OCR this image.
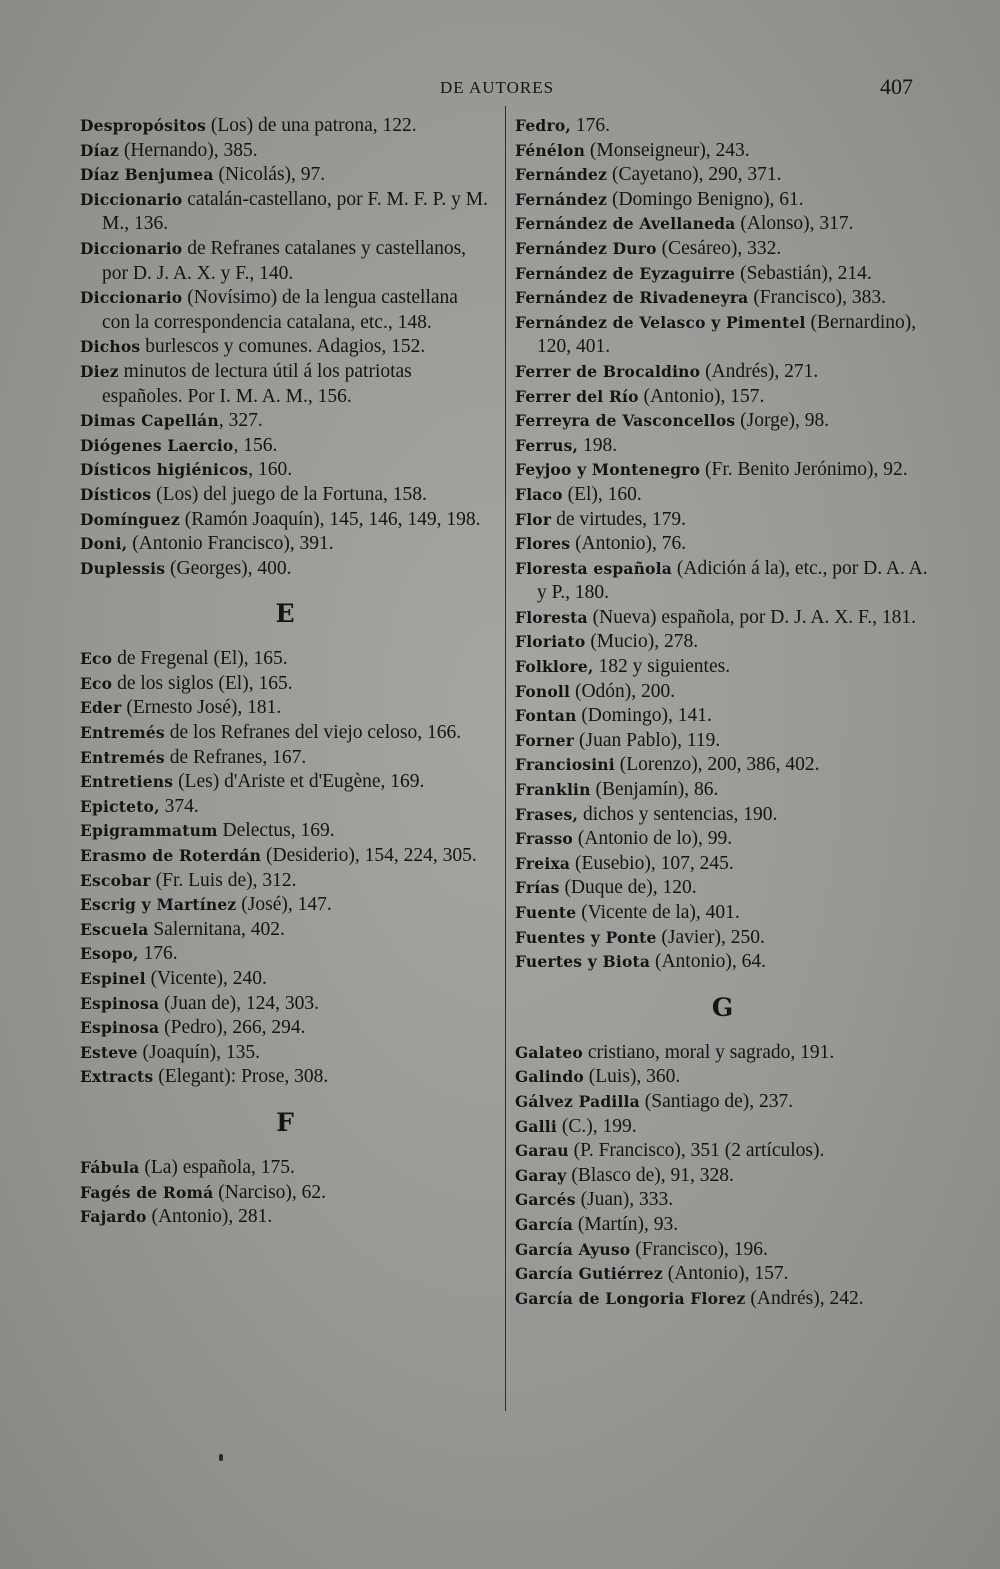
DE AUTORES	407
Despropósitos (Los) de una patrona, 122.
Díaz (Hernando), 385.
Díaz Benjumea (Nicolás), 97.
Diccionario catalán-castellano, por F. M. F. P. y M. M., 136.
Diccionario de Refranes catalanes y castellanos, por D. J. A. X. y F., 140.
Diccionario (Novísimo) de la lengua castellana con la correspondencia catalana, etc., 148.
Dichos burlescos y comunes. Adagios, 152.
Diez minutos de lectura útil á los patriotas españoles. Por I. M. A. M., 156.
Dimas Capellán, 327.
Diógenes Laercio, 156.
Dísticos higiénicos, 160.
Dísticos (Los) del juego de la Fortuna, 158.
Domínguez (Ramón Joaquín), 145, 146, 149, 198.
Doni, (Antonio Francisco), 391.
Duplessis (Georges), 400.
E
Eco de Fregenal (El), 165.
Eco de los siglos (El), 165.
Eder (Ernesto José), 181.
Entremés de los Refranes del viejo celoso, 166.
Entremés de Refranes, 167.
Entretiens (Les) d'Ariste et d'Eugène, 169.
Epicteto, 374.
Epigrammatum Delectus, 169.
Erasmo de Roterdán (Desiderio), 154, 224, 305.
Escobar (Fr. Luis de), 312.
Escrig y Martínez (José), 147.
Escuela Salernitana, 402.
Esopo, 176.
Espinel (Vicente), 240.
Espinosa (Juan de), 124, 303.
Espinosa (Pedro), 266, 294.
Esteve (Joaquín), 135.
Extracts (Elegant): Prose, 308.
F
Fábula (La) española, 175.
Fagés de Romá (Narciso), 62.
Fajardo (Antonio), 281.
Fedro, 176.
Fénélon (Monseigneur), 243.
Fernández (Cayetano), 290, 371.
Fernández (Domingo Benigno), 61.
Fernández de Avellaneda (Alonso), 317.
Fernández Duro (Cesáreo), 332.
Fernández de Eyzaguirre (Sebastián), 214.
Fernández de Rivadeneyra (Francisco), 383.
Fernández de Velasco y Pimentel (Bernardino), 120, 401.
Ferrer de Brocaldino (Andrés), 271.
Ferrer del Río (Antonio), 157.
Ferreyra de Vasconcellos (Jorge), 98.
Ferrus, 198.
Feyjoo y Montenegro (Fr. Benito Jerónimo), 92.
Flaco (El), 160.
Flor de virtudes, 179.
Flores (Antonio), 76.
Floresta española (Adición á la), etc., por D. A. A. y P., 180.
Floresta (Nueva) española, por D. J. A. X. F., 181.
Floriato (Mucio), 278.
Folklore, 182 y siguientes.
Fonoll (Odón), 200.
Fontan (Domingo), 141.
Forner (Juan Pablo), 119.
Franciosini (Lorenzo), 200, 386, 402.
Franklin (Benjamín), 86.
Frases, dichos y sentencias, 190.
Frasso (Antonio de lo), 99.
Freixa (Eusebio), 107, 245.
Frías (Duque de), 120.
Fuente (Vicente de la), 401.
Fuentes y Ponte (Javier), 250.
Fuertes y Biota (Antonio), 64.
G
Galateo cristiano, moral y sagrado, 191.
Galindo (Luis), 360.
Gálvez Padilla (Santiago de), 237.
Galli (C.), 199.
Garau (P. Francisco), 351 (2 artículos).
Garay (Blasco de), 91, 328.
Garcés (Juan), 333.
García (Martín), 93.
García Ayuso (Francisco), 196.
García Gutiérrez (Antonio), 157.
García de Longoria Florez (Andrés), 242.
